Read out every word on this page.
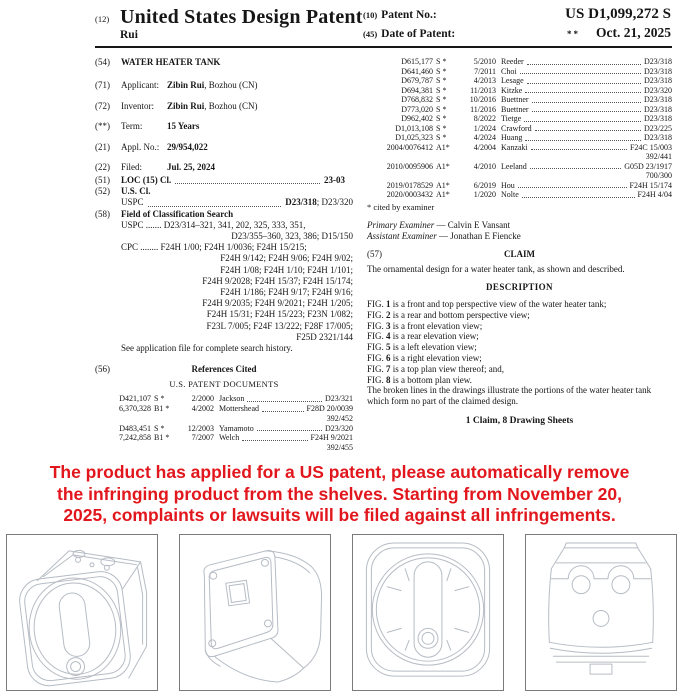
(12) United States Design Patent
Rui
(10) Patent No.:	US D1,099,272 S
(45) Date of Patent:	** Oct. 21, 2025
(54)	WATER HEATER TANK
(71)	Applicant: Zibin Rui, Bozhou (CN)
(72)	Inventor:	Zibin Rui, Bozhou (CN)
(**)	Term:	15 Years
(21)	Appl. No.: 29/954,022
(22)	Filed:	Jul. 25, 2024
(51)	LOC (15) Cl.	23-03
(52)	U.S. Cl.
USPC	D23/318; D23/320
(58)	Field of Classification Search
USPC ....... D23/314–321, 341, 202, 325, 333, 351,
D23/355–360, 323, 386; D15/150
CPC ........ F24H 1/00; F24H 1/0036; F24H 15/215;
F24H 9/142; F24H 9/06; F24H 9/02;
F24H 1/08; F24H 1/10; F24H 1/101;
F24H 9/2028; F24H 15/37; F24H 15/174;
F24H 1/186; F24H 9/17; F24H 9/16;
F24H 9/2035; F24H 9/2021; F24H 1/205;
F24H 15/31; F24H 15/223; F23N 1/082;
F23L 7/005; F24F 13/222; F28F 17/005;
F25D 2321/144
See application file for complete search history.
(56)	References Cited
U.S. PATENT DOCUMENTS
D421,107 S *	2/2000 Jackson	D23/321
6,370,328 B1 *	4/2002 Mottershead	F28D 20/0039
392/452
D483,451 S *	12/2003 Yamamoto	D23/320
7,242,858 B1 *	7/2007 Welch	F24H 9/2021
392/455
D615,177 S *	5/2010 Reeder	D23/318
D641,460 S *	7/2011 Choi	D23/318
D679,787 S *	4/2013 Lesage	D23/318
D694,381 S *	11/2013 Kitzke	D23/320
D768,832 S *	10/2016 Buettner	D23/318
D773,020 S *	11/2016 Buettner	D23/318
D962,402 S *	8/2022 Tietge	D23/318
D1,013,108 S *	1/2024 Crawford	D23/225
D1,025,323 S *	4/2024 Huang	D23/318
2004/0076412 A1*	4/2004 Kanzaki	F24C 15/003
392/441
2010/0095906 A1*	4/2010 Leeland	G05D 23/1917
700/300
2019/0178529 A1*	6/2019 Hou	F24H 15/174
2020/0003432 A1*	1/2020 Nolte	F24H 4/04
* cited by examiner
Primary Examiner — Calvin E Vansant
Assistant Examiner — Jonathan E Fiencke
(57)	CLAIM
The ornamental design for a water heater tank, as shown and described.
DESCRIPTION
FIG. 1 is a front and top perspective view of the water heater tank;
FIG. 2 is a rear and bottom perspective view;
FIG. 3 is a front elevation view;
FIG. 4 is a rear elevation view;
FIG. 5 is a left elevation view;
FIG. 6 is a right elevation view;
FIG. 7 is a top plan view thereof; and,
FIG. 8 is a bottom plan view.
The broken lines in the drawings illustrate the portions of the water heater tank which form no part of the claimed design.
1 Claim, 8 Drawing Sheets
The product has applied for a US patent, please automatically remove
the infringing product from the shelves. Starting from November 20,
2025, complaints or lawsuits will be filed against all infringements.
